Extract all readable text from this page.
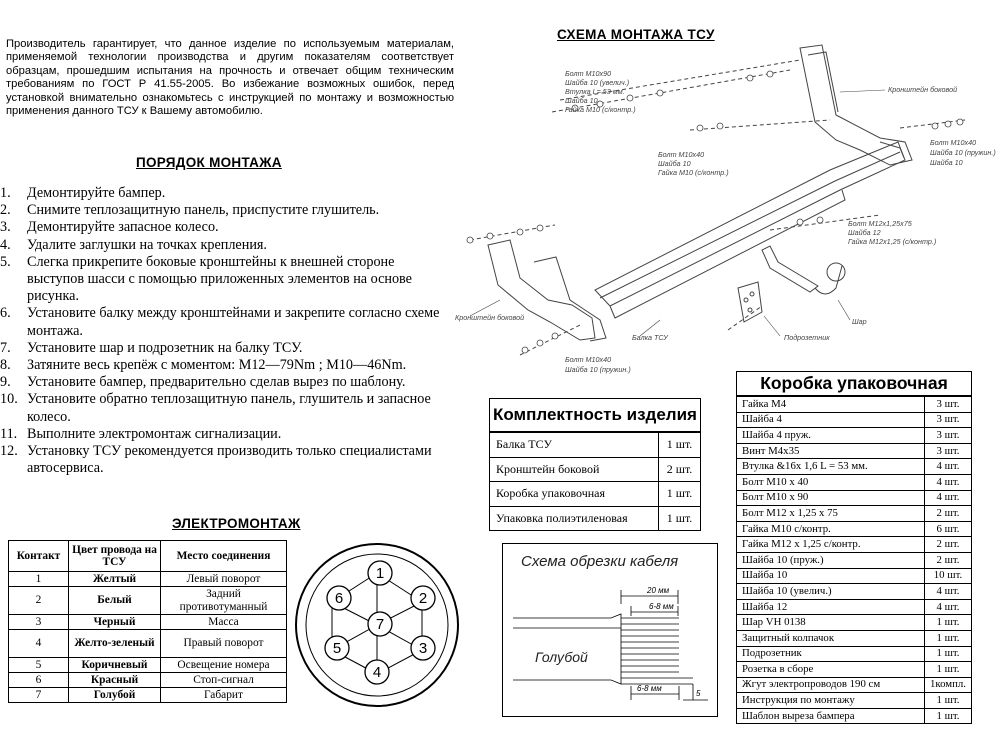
Производитель гарантирует, что данное изделие по используемым материалам, применяемой технологии производства и другим показателям соответствует образцам, прошедшим испытания на прочность и отвечает общим техническим требованиям по ГОСТ Р 41.55-2005. Во избежание возможных ошибок, перед установкой внимательно ознакомьтесь с инструкцией по монтажу и возможностью применения данного ТСУ к Вашему автомобилю.

ПОРЯДОК МОНТАЖА
1.	Демонтируйте бампер.
2.	Снимите теплозащитную панель, приспустите глушитель.
3.	Демонтируйте запасное колесо.
4.	Удалите заглушки на точках крепления.
5.	Слегка прикрепите боковые кронштейны к внешней стороне выступов шасси с помощью приложенных элементов на основе рисунка.
6.	Установите балку между кронштейнами и закрепите согласно схеме монтажа.
7.	Установите шар и подрозетник на балку ТСУ.
8.	Затяните весь крепёж с моментом: М12—79Nm ; М10—46Nm.
9.	Установите бампер, предварительно сделав вырез по шаблону.
10. Установите обратно теплозащитную панель, глушитель и запасное колесо.
11. Выполните электромонтаж сигнализации.
12. Установку ТСУ рекомендуется производить только специалистами автосервиса.
СХЕМА МОНТАЖА ТСУ
Болт М10х90
Шайба 10 (увелич.)
Втулка L= 53 мм.
Шайба 10
Гайка М10 (с/контр.)
Кронштейн боковой
Болт М10х40
Шайба 10 (пружин.)
Шайба 10
Болт М10х40
Шайба 10
Гайка М10 (с/контр.)
Болт М12х1,25х75
Шайба 12
Гайка М12х1,25 (с/контр.)
Кронштейн боковой
Балка ТСУ	Подрозетник
Шар
Болт М10х40
Шайба 10 (пружин.)
ЭЛЕКТРОМОНТАЖ
Контакт	Цвет провода на ТСУ	Место соединения
1	Желтый	Левый поворот
2	Белый	Задний противотуманный
3	Черный	Масса
4	Желто-зеленый	Правый поворот
5	Коричневый	Освещение номера
6	Красный	Стоп-сигнал
7	Голубой	Габарит
1
2
3
4
5
6
7
Комплектность изделия
Балка ТСУ	1 шт.
Кронштейн боковой	2 шт.
Коробка упаковочная	1 шт.
Упаковка полиэтиленовая	1 шт.
Коробка упаковочная
Гайка М4	3 шт.
Шайба 4	3 шт.
Шайба 4 пруж.	3 шт.
Винт М4х35	3 шт.
Втулка &16х 1,6 L = 53 мм.	4 шт.
Болт М10 х 40	4 шт.
Болт М10 х 90	4 шт.
Болт М12 х 1,25 х 75	2 шт.
Гайка М10 с/контр.	6 шт.
Гайка М12 х 1,25 с/контр.	2 шт.
Шайба 10 (пруж.)	2 шт.
Шайба 10	10 шт.
Шайба 10 (увелич.)	4 шт.
Шайба 12	4 шт.
Шар VH 0138	1 шт.
Защитный колпачок	1 шт.
Подрозетник	1 шт.
Розетка в сборе	1 шт.
Жгут электропроводов 190 см	1компл.
Инструкция по монтажу	1 шт.
Шаблон выреза бампера	1 шт.
Схема обрезки кабеля
20 мм
6-8 мм
Голубой
6-8 мм
5
